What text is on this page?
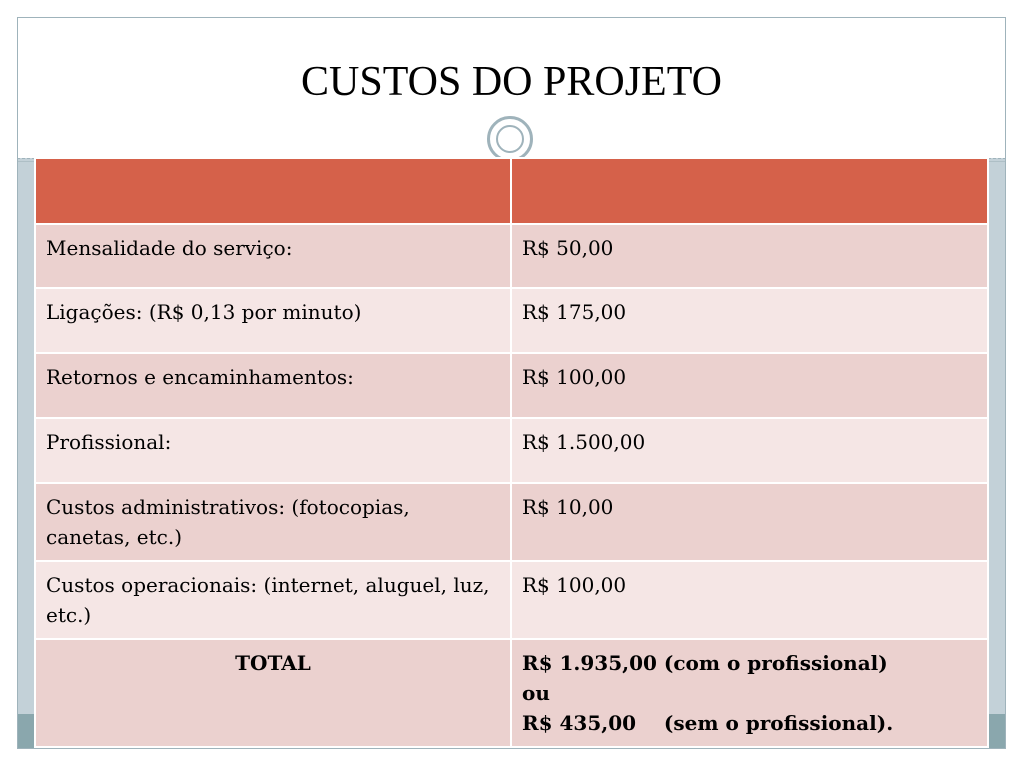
CUSTOS DO PROJETO

Mensalidade do serviço:	R$ 50,00
Ligações: (R$ 0,13 por minuto)	R$ 175,00
Retornos e encaminhamentos:	R$ 100,00
Profissional:	R$ 1.500,00
Custos administrativos: (fotocopias, canetas, etc.)	R$ 10,00
Custos operacionais: (internet, aluguel, luz, etc.)	R$ 100,00
TOTAL	R$ 1.935,00 (com o profissional)
ou
R$ 435,00    (sem o profissional).
